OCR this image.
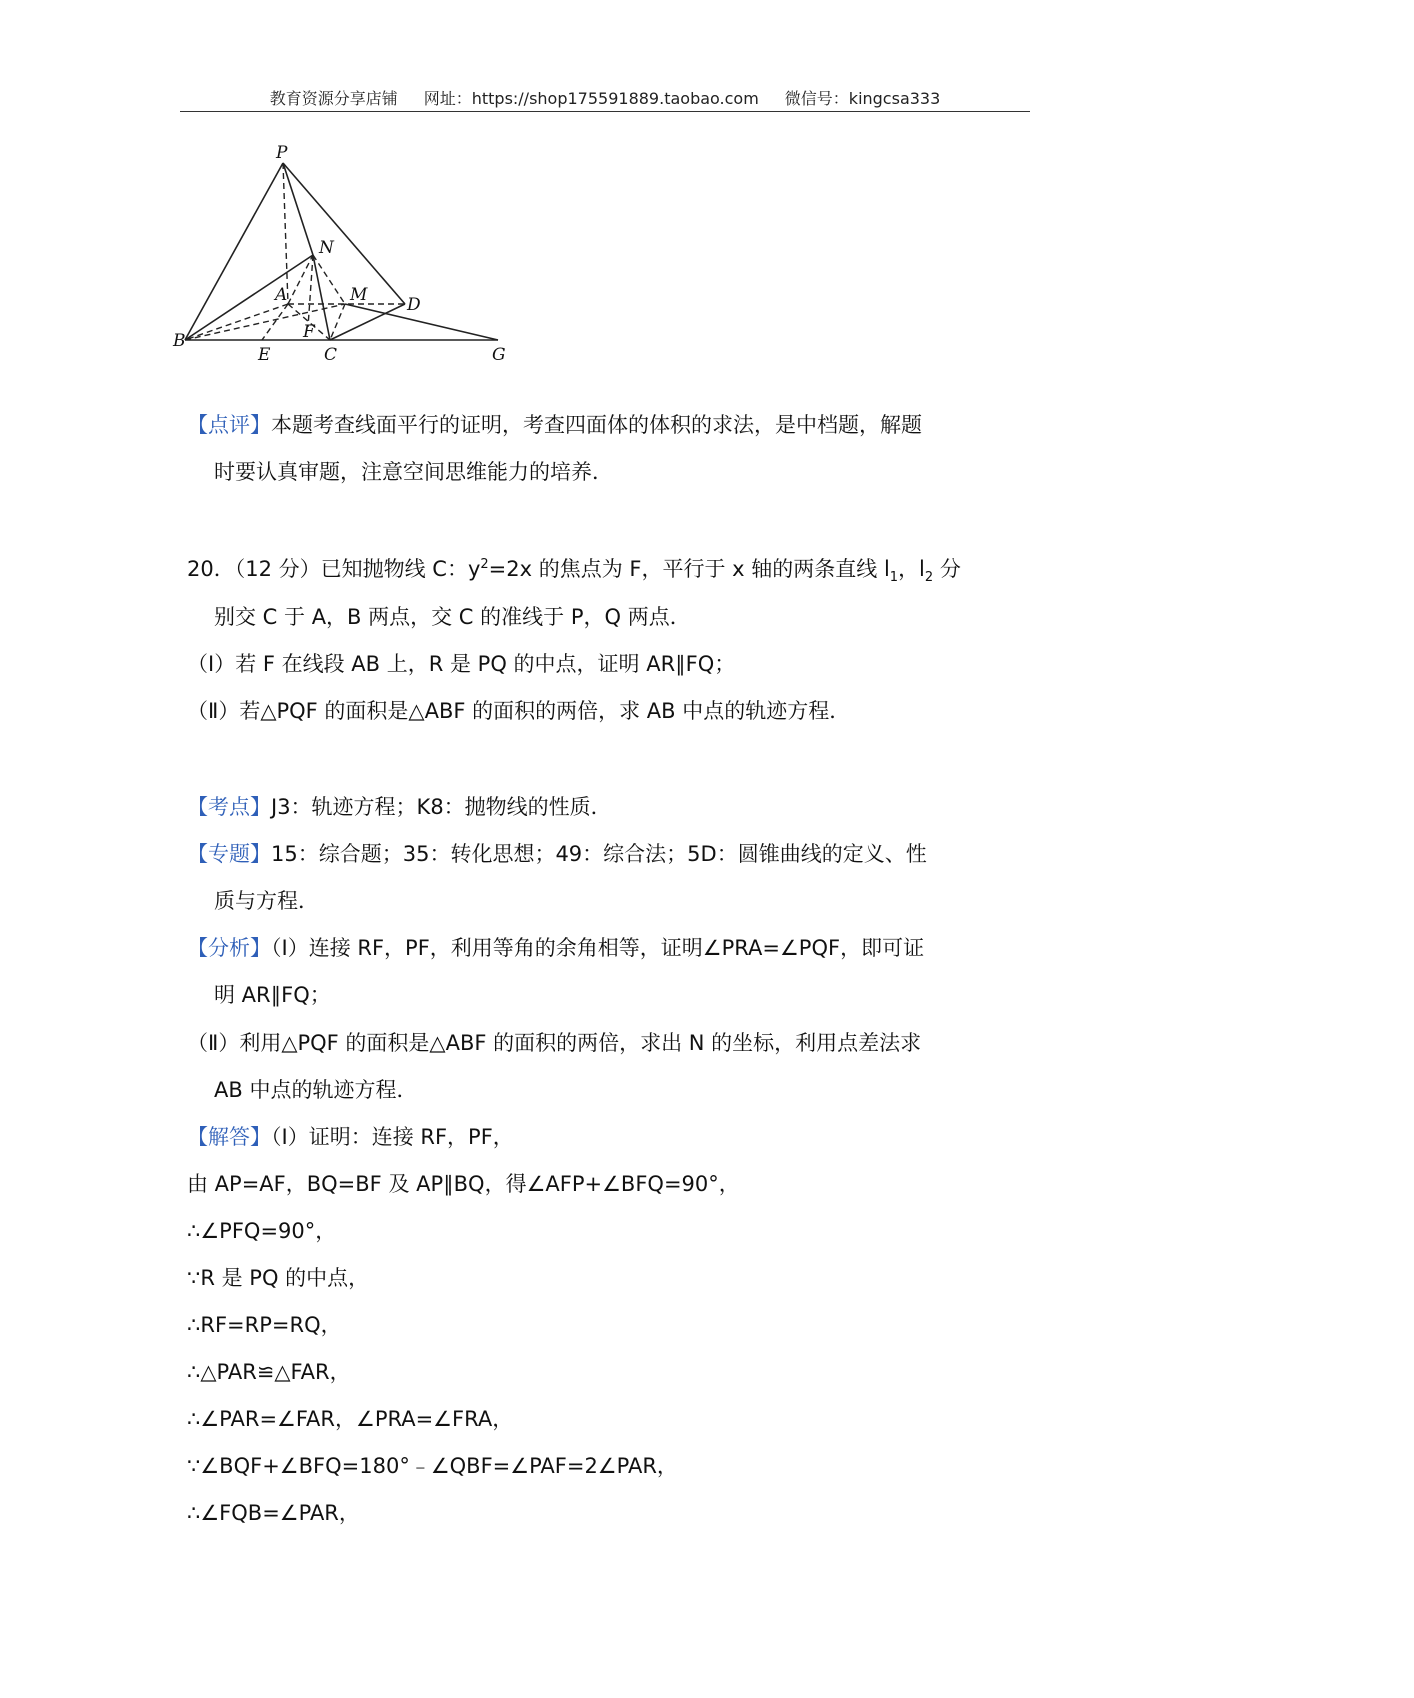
教育资源分享店铺 网址：https://shop175591889.taobao.com 微信号：kingcsa333
P
N
A	M D
B	F
E	C	G
【点评】本题考查线面平行的证明，考查四面体的体积的求法，是中档题，解题
时要认真审题，注意空间思维能力的培养．
20．（12 分）已知抛物线 C：$y^2=2x$ 的焦点为 F，平行于 x 轴的两条直线 $l_1$，$l_2$ 分
别交 C 于 A，B 两点，交 C 的准线于 P，Q 两点．
（Ⅰ）若 F 在线段 AB 上，R 是 PQ 的中点，证明 AR∥FQ；
（Ⅱ）若△PQF 的面积是△ABF 的面积的两倍，求 AB 中点的轨迹方程．
【考点】J3：轨迹方程；K8：抛物线的性质．
【专题】15：综合题；35：转化思想；49：综合法；5D：圆锥曲线的定义、性
质与方程．
【分析】（Ⅰ）连接 RF，PF，利用等角的余角相等，证明∠PRA=∠PQF，即可证
明 AR∥FQ；
（Ⅱ）利用△PQF 的面积是△ABF 的面积的两倍，求出 N 的坐标，利用点差法求
AB 中点的轨迹方程．
【解答】（Ⅰ）证明：连接 RF，PF，
由 AP=AF，BQ=BF 及 AP∥BQ，得∠AFP+∠BFQ=90°，
∴∠PFQ=90°，
∵R 是 PQ 的中点，
∴RF=RP=RQ，
∴△PAR≌△FAR，
∴∠PAR=∠FAR，∠PRA=∠FRA，
∵∠BQF+∠BFQ=180°﹣∠QBF=∠PAF=2∠PAR，
∴∠FQB=∠PAR，
